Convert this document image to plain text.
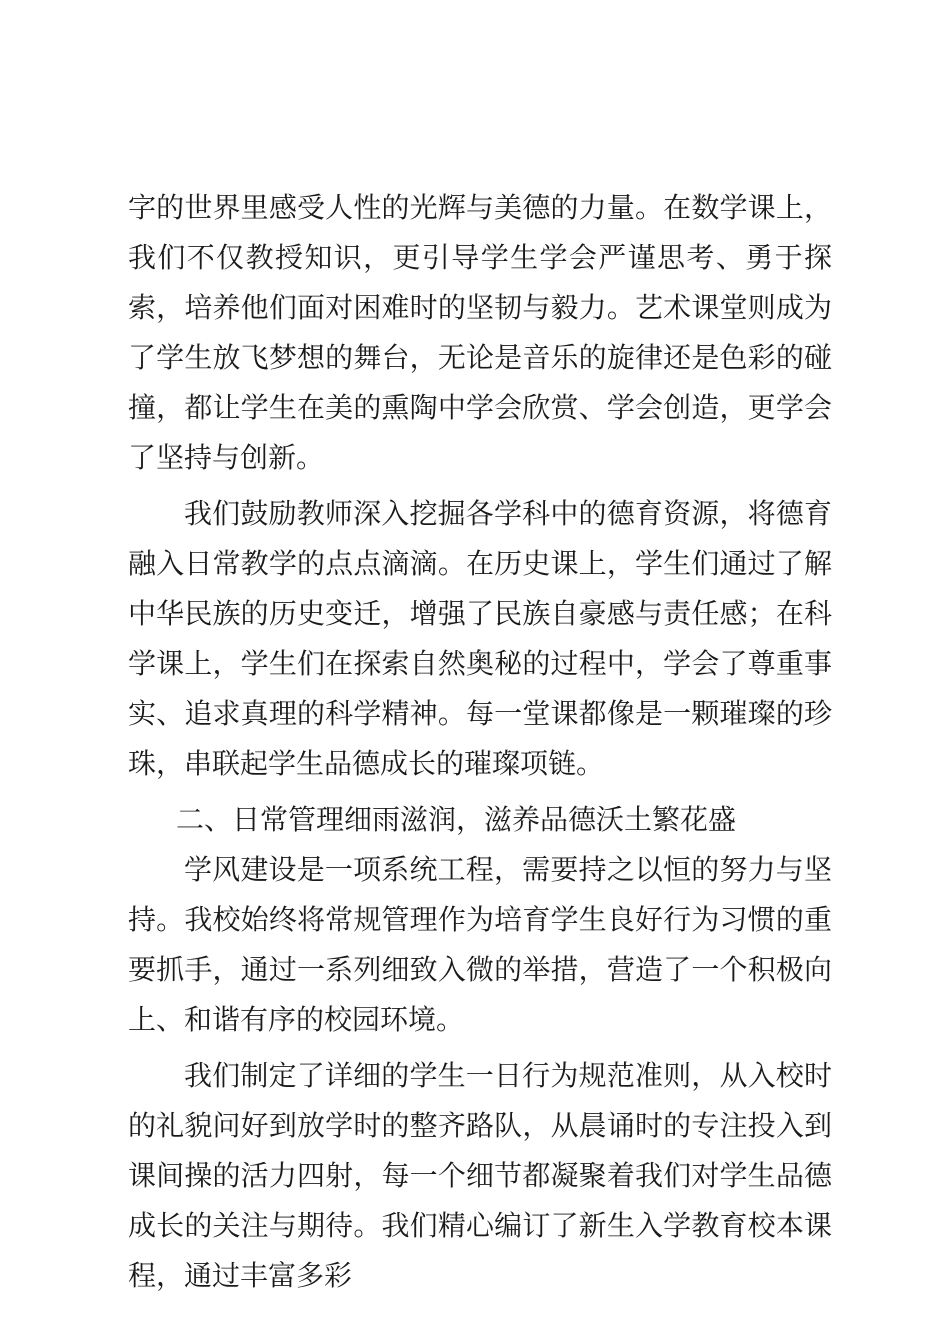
字的世界里感受人性的光辉与美德的力量。在数学课上，我们不仅教授知识，更引导学生学会严谨思考、勇于探索，培养他们面对困难时的坚韧与毅力。艺术课堂则成为了学生放飞梦想的舞台，无论是音乐的旋律还是色彩的碰撞，都让学生在美的熏陶中学会欣赏、学会创造，更学会了坚持与创新。

我们鼓励教师深入挖掘各学科中的德育资源，将德育融入日常教学的点点滴滴。在历史课上，学生们通过了解中华民族的历史变迁，增强了民族自豪感与责任感；在科学课上，学生们在探索自然奥秘的过程中，学会了尊重事实、追求真理的科学精神。每一堂课都像是一颗璀璨的珍珠，串联起学生品德成长的璀璨项链。

二、日常管理细雨滋润，滋养品德沃土繁花盛

学风建设是一项系统工程，需要持之以恒的努力与坚持。我校始终将常规管理作为培育学生良好行为习惯的重要抓手，通过一系列细致入微的举措，营造了一个积极向上、和谐有序的校园环境。

我们制定了详细的学生一日行为规范准则，从入校时的礼貌问好到放学时的整齐路队，从晨诵时的专注投入到课间操的活力四射，每一个细节都凝聚着我们对学生品德成长的关注与期待。我们精心编订了新生入学教育校本课程，通过丰富多彩
